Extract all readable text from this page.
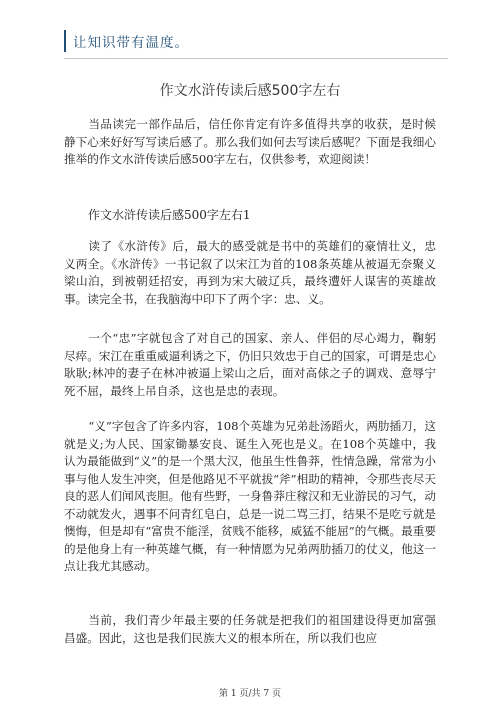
让知识带有温度。
作文水浒传读后感500字左右

当品读完一部作品后，信任你肯定有许多值得共享的收获，是时候静下心来好好写写读后感了。那么我们如何去写读后感呢？下面是我细心推举的作文水浒传读后感500字左右，仅供参考，欢迎阅读！

作文水浒传读后感500字左右1

读了《水浒传》后，最大的感受就是书中的英雄们的豪情壮义，忠义两全。《水浒传》一书记叙了以宋江为首的108条英雄从被逼无奈聚义梁山泊，到被朝廷招安，再到为宋大破辽兵，最终遭奸人谋害的英雄故事。读完全书，在我脑海中印下了两个字：忠、义。

一个“忠”字就包含了对自己的国家、亲人、伴侣的尽心竭力，鞠躬尽瘁。宋江在重重威逼利诱之下，仍旧只效忠于自己的国家，可谓是忠心耿耿;林冲的妻子在林冲被逼上梁山之后，面对高俅之子的调戏、意辱宁死不屈，最终上吊自杀，这也是忠的表现。

“义”字包含了许多内容，108个英雄为兄弟赴汤蹈火，两肋插刀，这就是义;为人民、国家锄暴安良、诞生入死也是义。在108个英雄中，我认为最能做到“义”的是一个黑大汉，他虽生性鲁莽，性情急躁，常常为小事与他人发生冲突，但是他路见不平就拔“斧”相助的精神，令那些丧尽天良的恶人们闻风丧胆。他有些野，一身鲁莽庄稼汉和无业游民的习气，动不动就发火，遇事不问青红皂白，总是一说二骂三打，结果不是吃亏就是懊悔，但是却有“富贵不能淫，贫贱不能移，威猛不能屈”的气概。最重要的是他身上有一种英雄气概，有一种情愿为兄弟两肋插刀的仗义，他这一点让我尤其感动。

当前，我们青少年最主要的任务就是把我们的祖国建设得更加富强昌盛。因此，这也是我们民族大义的根本所在，所以我们也应

第 1 页/共 7 页
